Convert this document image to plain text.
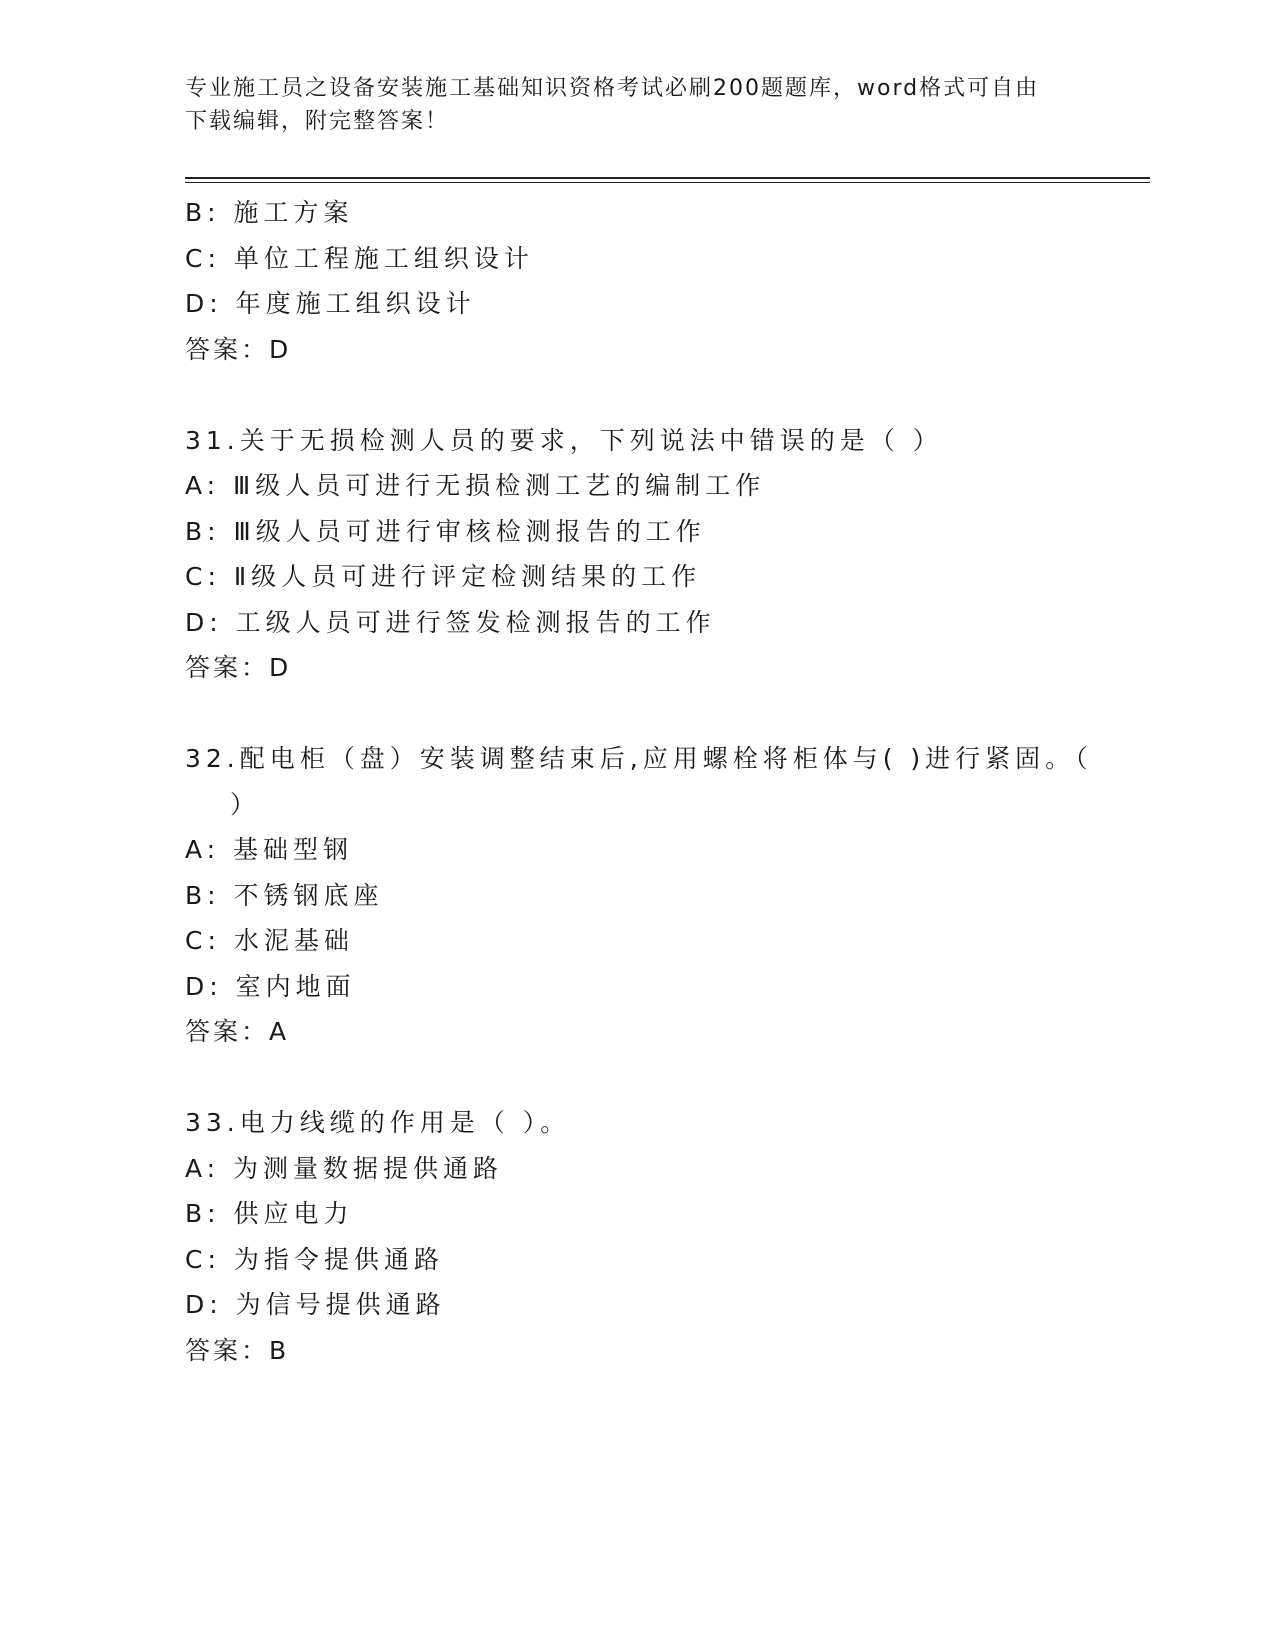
专业施工员之设备安装施工基础知识资格考试必刷200题题库，word格式可自由
下载编辑，附完整答案！
B: 施工方案
C: 单位工程施工组织设计
D: 年度施工组织设计
答案：D
31.关于无损检测人员的要求，下列说法中错误的是（ ）
A: Ⅲ级人员可进行无损检测工艺的编制工作
B: Ⅲ级人员可进行审核检测报告的工作
C: Ⅱ级人员可进行评定检测结果的工作
D: 工级人员可进行签发检测报告的工作
答案：D
32.配电柜（盘）安装调整结束后,应用螺栓将柜体与( )进行紧固。（
）
A: 基础型钢
B: 不锈钢底座
C: 水泥基础
D: 室内地面
答案：A
33.电力线缆的作用是（ ）。
A: 为测量数据提供通路
B: 供应电力
C: 为指令提供通路
D: 为信号提供通路
答案：B
